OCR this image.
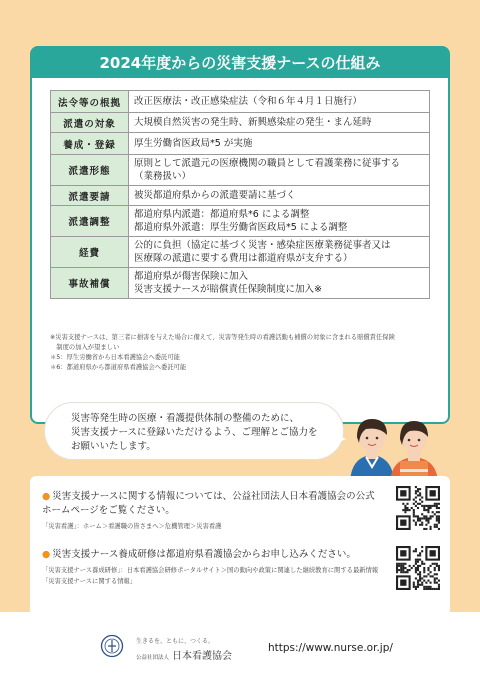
2024年度からの災害支援ナースの仕組み
法令等の根拠	改正医療法・改正感染症法（令和６年４月１日施行）

派遣の対象	大規模自然災害の発生時、新興感染症の発生・まん延時

養成・登録	厚生労働省医政局*5 が実施

派遣形態	原則として派遣元の医療機関の職員として看護業務に従事する
（業務扱い）

派遣要請	被災都道府県からの派遣要請に基づく

派遣調整	都道府県内派遣：都道府県*6 による調整
都道府県外派遣：厚生労働省医政局*5 による調整

経費	公的に負担（協定に基づく災害・感染症医療業務従事者又は
医療隊の派遣に要する費用は都道府県が支弁する）

事故補償	都道府県が傷害保険に加入
災害支援ナースが賠償責任保険制度に加入※
※災害支援ナースは、第三者に損害を与えた場合に備えて、災害等発生時の看護活動も補償の対象に含まれる賠償責任保険
　制度の加入が望ましい
＊5：厚生労働省から日本看護協会へ委託可能
＊6：都道府県から都道府県看護協会へ委託可能
災害等発生時の医療・看護提供体制の整備のために、
災害支援ナースに登録いただけるよう、ご理解とご協力を
お願いいたします。
● 災害支援ナースに関する情報については、公益社団法人日本看護協会の公式ホームページをご覧ください。
「災害看護」：ホーム＞看護職の皆さまへ＞危機管理＞災害看護
● 災害支援ナース養成研修は都道府県看護協会からお申し込みください。
「災害支援ナース養成研修」：日本看護協会研修ポータルサイト＞国の動向や政策に関連した継続教育に関する最新情報「災害支援ナースに関する情報」
生きるを、ともに、つくる。
公益社団法人 日本看護協会
https://www.nurse.or.jp/
